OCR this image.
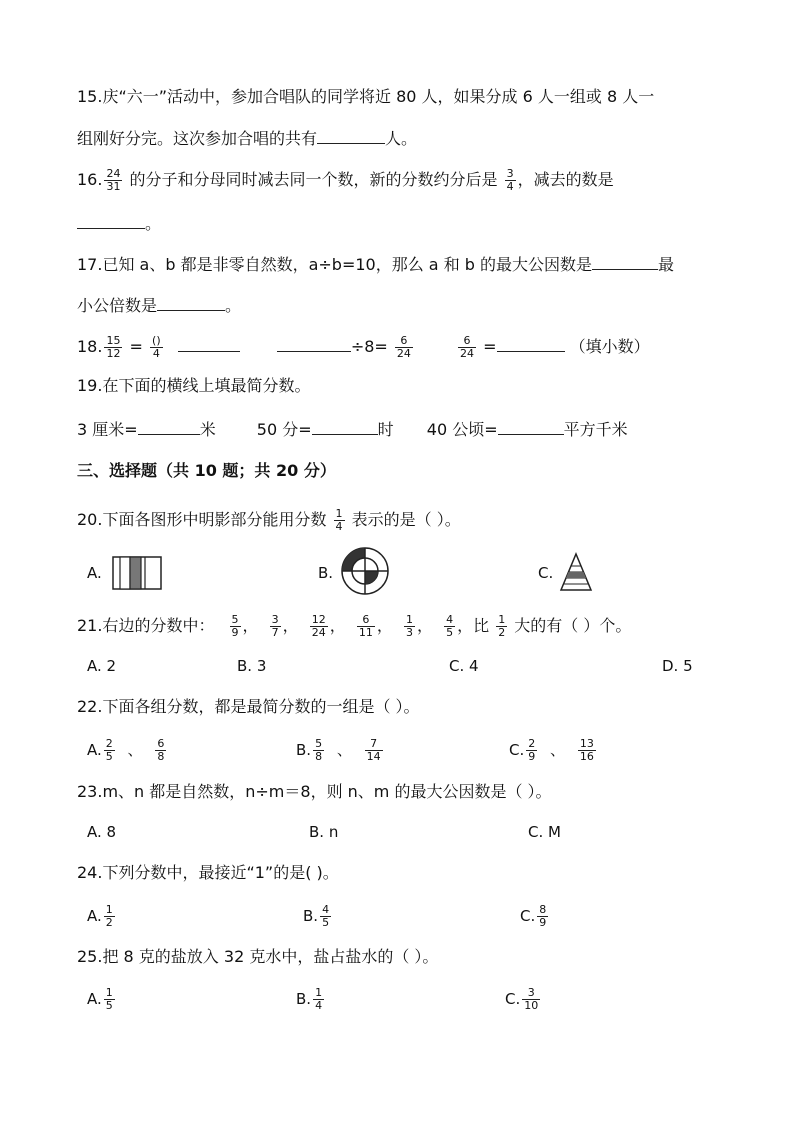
15.庆“六一”活动中，参加合唱队的同学将近 80 人，如果分成 6 人一组或 8 人一
组刚好分完。这次参加合唱的共有	人。
16. $\frac{24}{31}$ 的分子和分母同时减去同一个数，新的分数约分后是 $\frac{3}{4}$ ，减去的数是
。
17.已知 a、b 都是非零自然数，a÷b=10，那么 a 和 b 的最大公因数是	最
小公倍数是	。
18. $\frac{15}{12} = \frac{()}{4}$	$\div 8= \frac{6}{24}$
	$\frac{6}{24}$ =	（填小数）
19.在下面的横线上填最简分数。
3 厘米=	米	50 分=	时 40 公顷=	平方千米
三、选择题（共 10 题；共 20 分）
20.下面各图形中明影部分能用分数 $\frac{1}{4}$ 表示的是（ ）。
A.	B.	C.
21.右边的分数中： $\frac{5}{9}$ ， $\frac{3}{7}$ ， $\frac{12}{24}$ ， $\frac{6}{11}$ ， $\frac{1}{3}$ ， $\frac{4}{5}$ ，比 $\frac{1}{2}$ 大的有（ ）个。
A. 2	B. 3	C. 4	D. 5
22.下面各组分数，都是最简分数的一组是（ ）。
A. $\frac{2}{5}$ 、 $\frac{6}{8}$	B. $\frac{5}{8}$ 、 $\frac{7}{14}$	C. $\frac{2}{9}$ 、 $\frac{13}{16}$
23.m、n 都是自然数，n÷m＝8，则 n、m 的最大公因数是（ ）。
A. 8	B. n	C. M
24.下列分数中，最接近“1”的是( )。
A. $\frac{1}{2}$	B. $\frac{4}{5}$	C. $\frac{8}{9}$
25.把 8 克的盐放入 32 克水中，盐占盐水的（ ）。
A. $\frac{1}{5}$	B. $\frac{1}{4}$	C. $\frac{3}{10}$
